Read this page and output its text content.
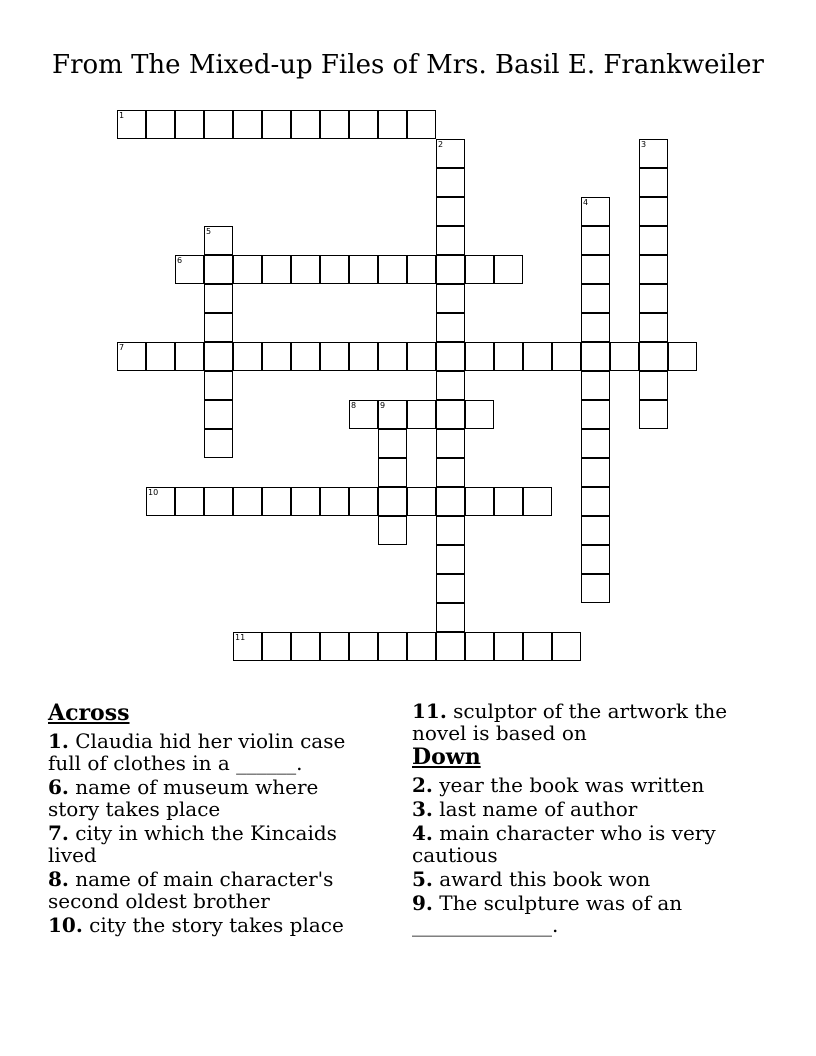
From The Mixed-up Files of Mrs. Basil E. Frankweiler
1
6
7
8	9
10
11
2	3
4
5
Across
1. Claudia hid her violin case full of clothes in a ______.
6. name of museum where story takes place
7. city in which the Kincaids lived
8. name of main character's second oldest brother
10. city the story takes place
11. sculptor of the artwork the novel is based on
Down
2. year the book was written
3. last name of author
4. main character who is very cautious
5. award this book won
9. The sculpture was of an ______________.
